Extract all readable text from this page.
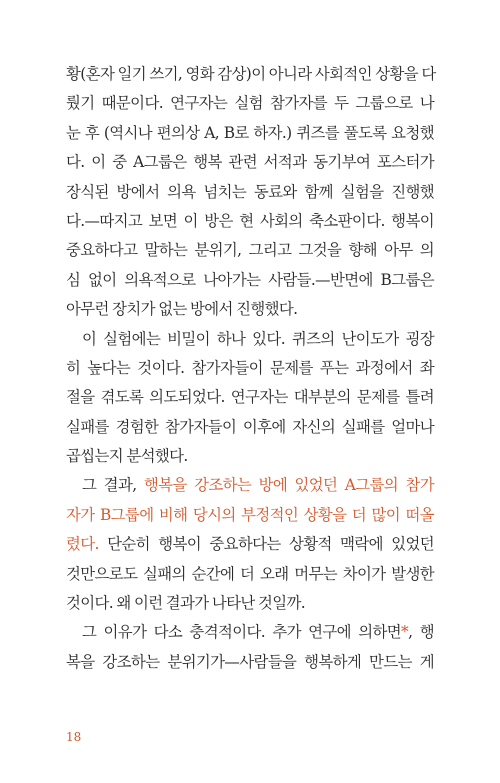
황(혼자 일기 쓰기, 영화 감상)이 아니라 사회적인 상황을 다
뤘기 때문이다. 연구자는 실험 참가자를 두 그룹으로 나
눈 후 (역시나 편의상 A, B로 하자.) 퀴즈를 풀도록 요청했
다. 이 중 A그룹은 행복 관련 서적과 동기부여 포스터가
장식된 방에서 의욕 넘치는 동료와 함께 실험을 진행했
다.—따지고 보면 이 방은 현 사회의 축소판이다. 행복이
중요하다고 말하는 분위기, 그리고 그것을 향해 아무 의
심 없이 의욕적으로 나아가는 사람들.—반면에 B그룹은
아무런 장치가 없는 방에서 진행했다.
이 실험에는 비밀이 하나 있다. 퀴즈의 난이도가 굉장
히 높다는 것이다. 참가자들이 문제를 푸는 과정에서 좌
절을 겪도록 의도되었다. 연구자는 대부분의 문제를 틀려
실패를 경험한 참가자들이 이후에 자신의 실패를 얼마나
곱씹는지 분석했다.
그 결과, 행복을 강조하는 방에 있었던 A그룹의 참가
자가 B그룹에 비해 당시의 부정적인 상황을 더 많이 떠올
렸다. 단순히 행복이 중요하다는 상황적 맥락에 있었던
것만으로도 실패의 순간에 더 오래 머무는 차이가 발생한
것이다. 왜 이런 결과가 나타난 것일까.
그 이유가 다소 충격적이다. 추가 연구에 의하면*, 행
복을 강조하는 분위기가—사람들을 행복하게 만드는 게
18
